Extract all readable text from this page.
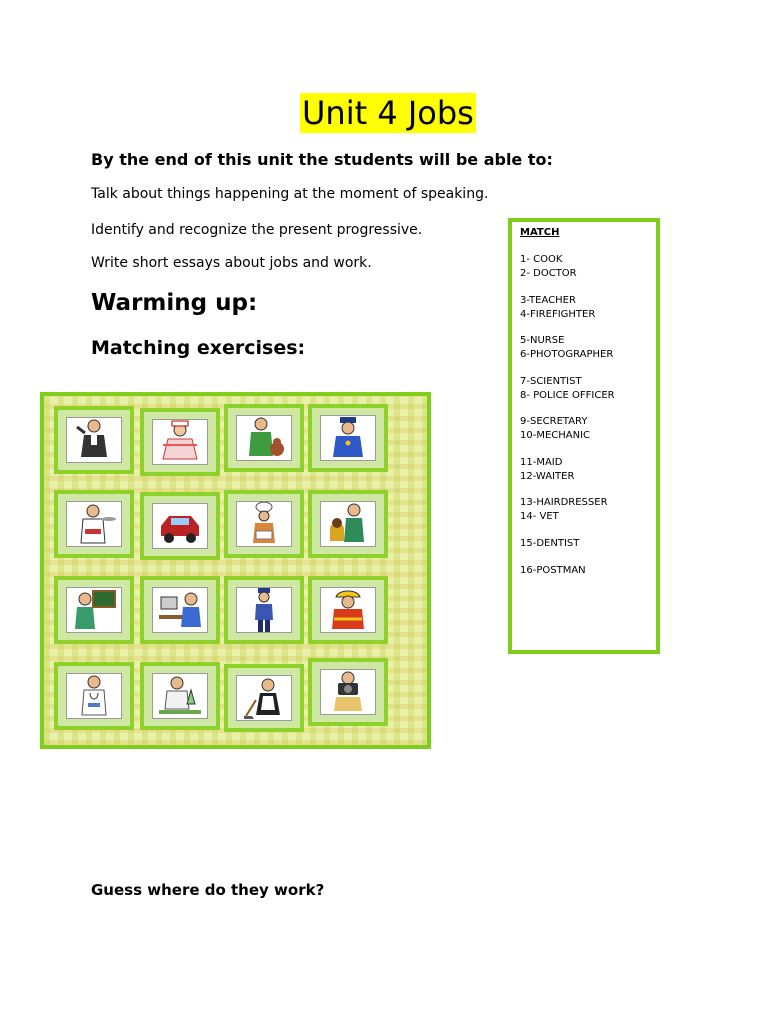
Unit 4 Jobs
By the end of this unit the students will be able to:
Talk about things happening at the moment of speaking.
Identify and recognize the present progressive.
Write short essays about jobs and work.
Warming up:
Matching exercises:
MATCH
1- COOK
2- DOCTOR
3-TEACHER
4-FIREFIGHTER
5-NURSE
6-PHOTOGRAPHER
7-SCIENTIST
8- POLICE OFFICER
9-SECRETARY
10-MECHANIC
11-MAID
12-WAITER
13-HAIRDRESSER
14- VET
15-DENTIST
16-POSTMAN
Guess where do they work?
